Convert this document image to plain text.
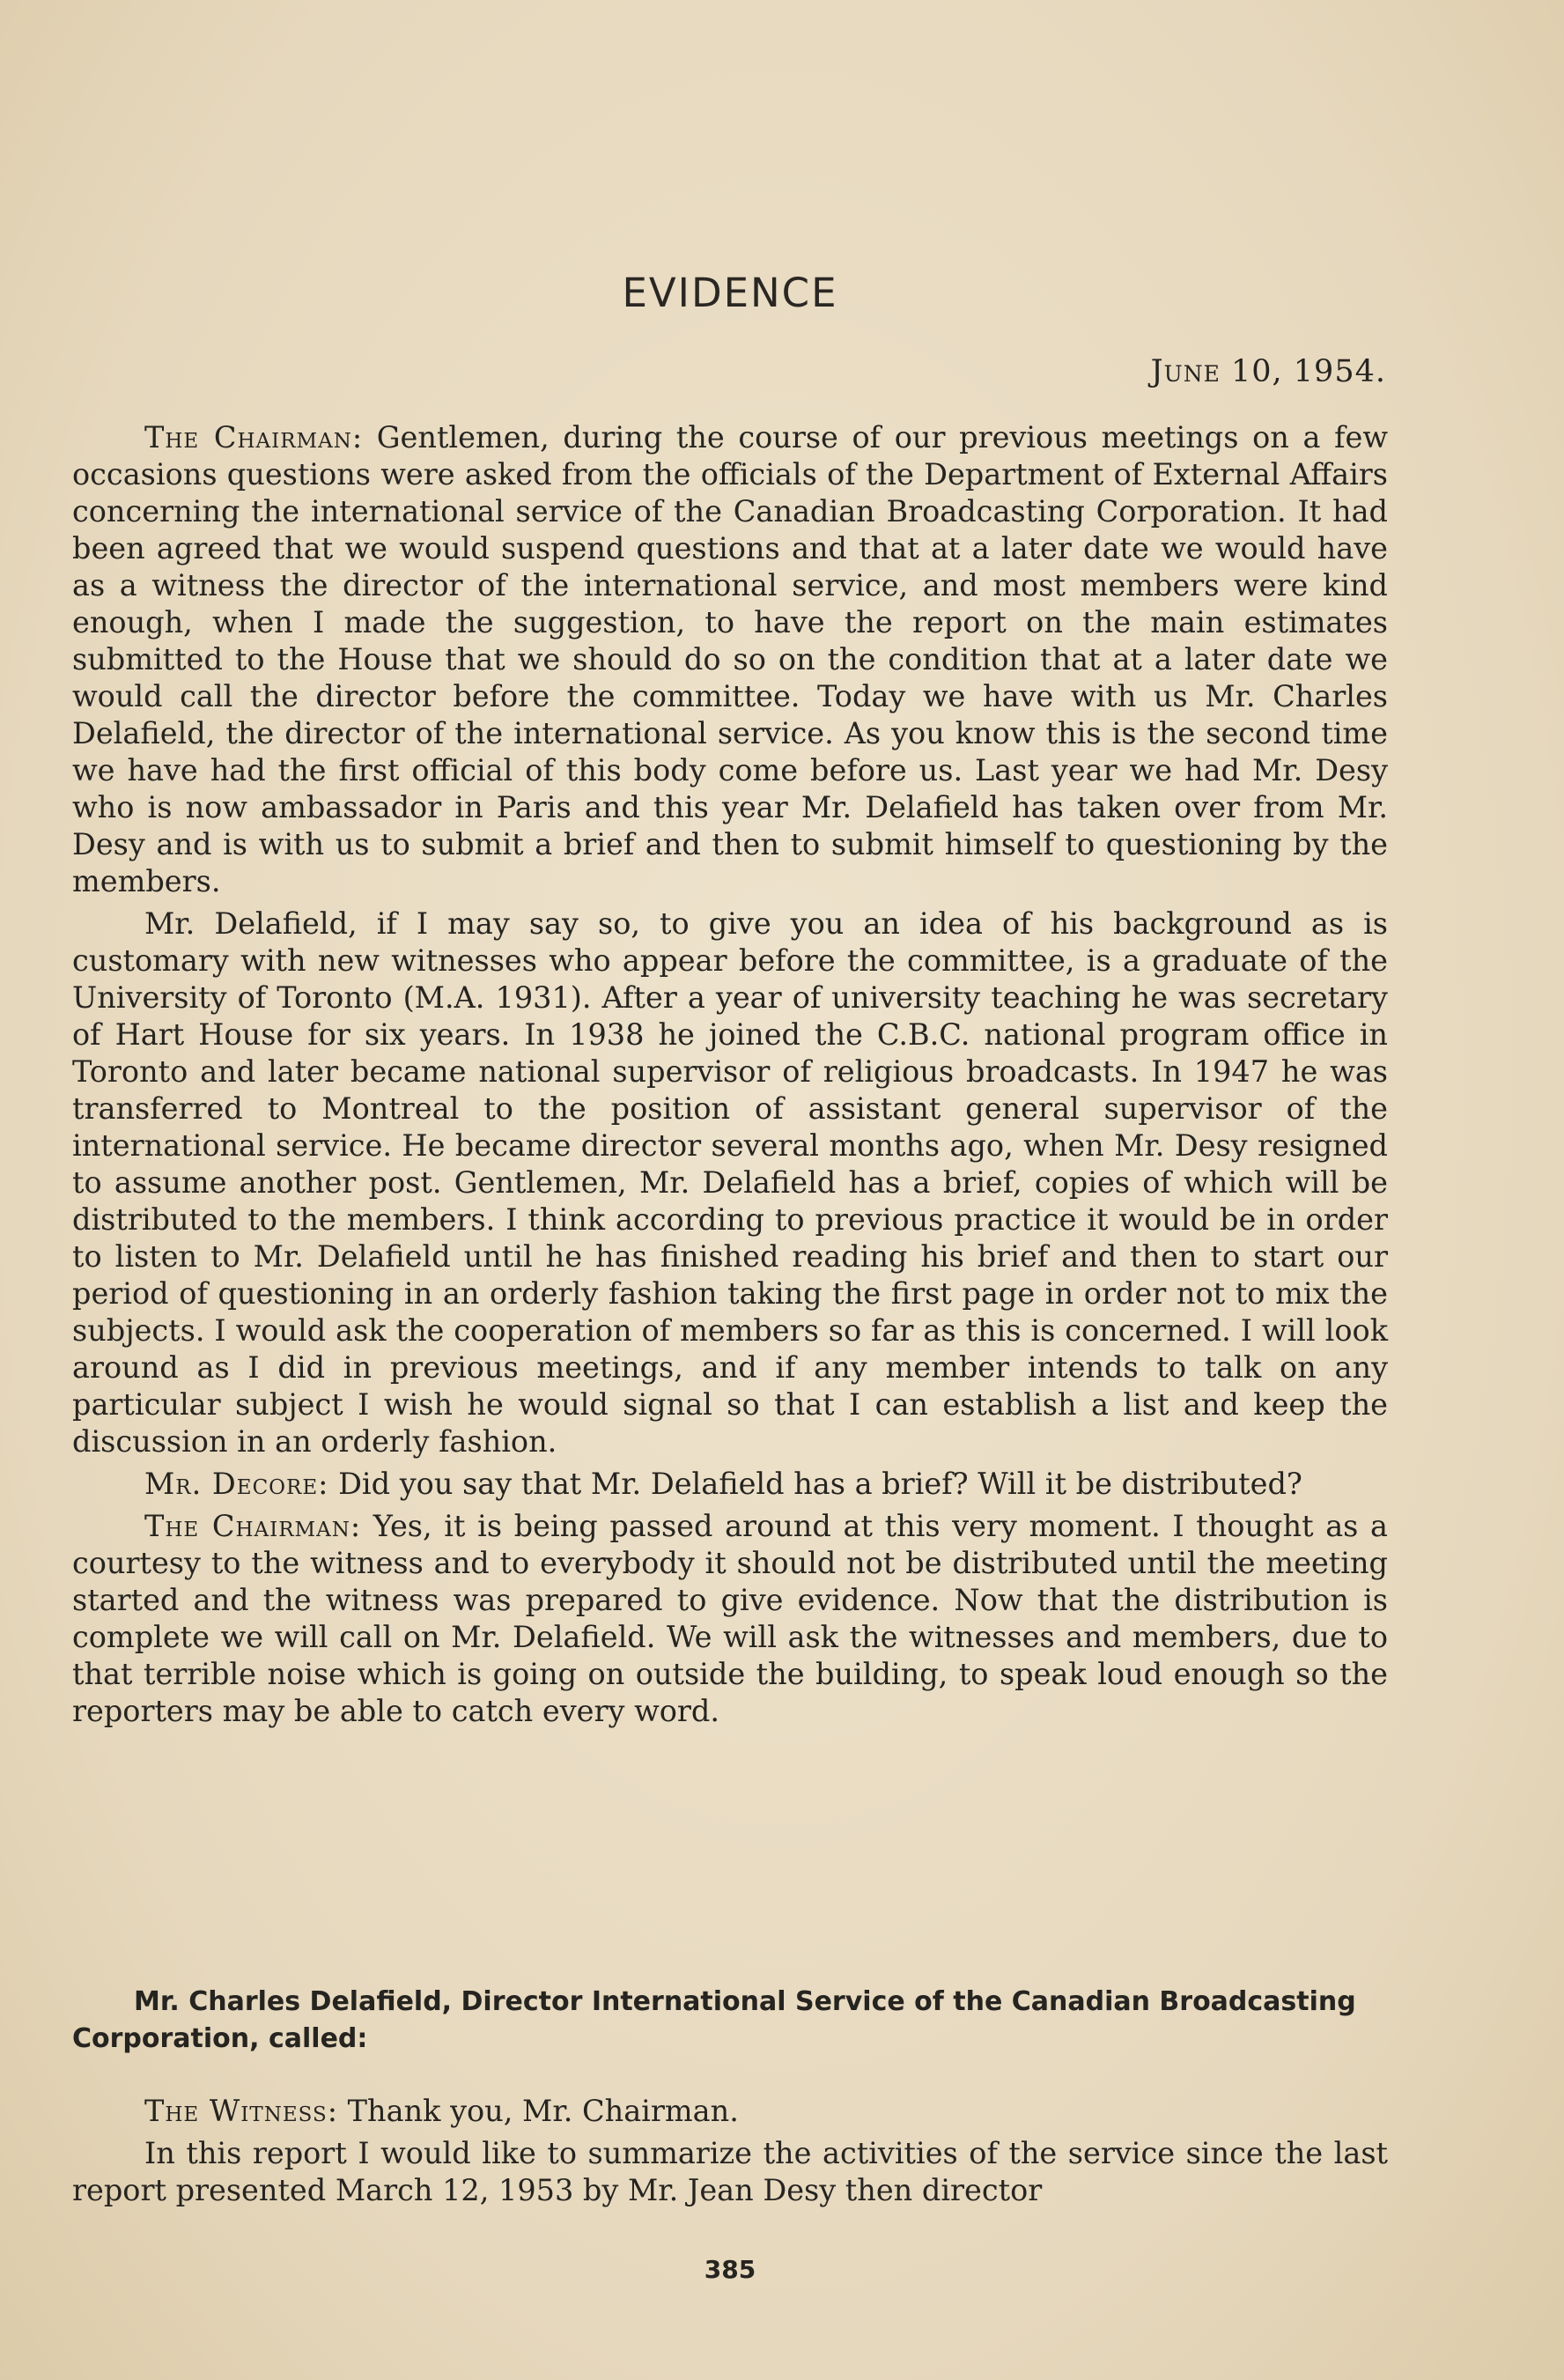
EVIDENCE
June 10, 1954.

The Chairman: Gentlemen, during the course of our previous meetings on a few occasions questions were asked from the officials of the Department of External Affairs concerning the international service of the Canadian Broadcasting Corporation. It had been agreed that we would suspend questions and that at a later date we would have as a witness the director of the international service, and most members were kind enough, when I made the suggestion, to have the report on the main estimates submitted to the House that we should do so on the condition that at a later date we would call the director before the committee. Today we have with us Mr. Charles Delafield, the director of the international service. As you know this is the second time we have had the first official of this body come before us. Last year we had Mr. Desy who is now ambassador in Paris and this year Mr. Delafield has taken over from Mr. Desy and is with us to submit a brief and then to submit himself to questioning by the members.

Mr. Delafield, if I may say so, to give you an idea of his background as is customary with new witnesses who appear before the committee, is a graduate of the University of Toronto (M.A. 1931). After a year of university teaching he was secretary of Hart House for six years. In 1938 he joined the C.B.C. national program office in Toronto and later became national supervisor of religious broadcasts. In 1947 he was transferred to Montreal to the position of assistant general supervisor of the international service. He became director several months ago, when Mr. Desy resigned to assume another post. Gentlemen, Mr. Delafield has a brief, copies of which will be distributed to the members. I think according to previous practice it would be in order to listen to Mr. Delafield until he has finished reading his brief and then to start our period of questioning in an orderly fashion taking the first page in order not to mix the subjects. I would ask the cooperation of members so far as this is concerned. I will look around as I did in previous meetings, and if any member intends to talk on any particular subject I wish he would signal so that I can establish a list and keep the discussion in an orderly fashion.

Mr. Decore: Did you say that Mr. Delafield has a brief? Will it be distributed?

The Chairman: Yes, it is being passed around at this very moment. I thought as a courtesy to the witness and to everybody it should not be distributed until the meeting started and the witness was prepared to give evidence. Now that the distribution is complete we will call on Mr. Delafield. We will ask the witnesses and members, due to that terrible noise which is going on outside the building, to speak loud enough so the reporters may be able to catch every word.

Mr. Charles Delafield, Director International Service of the Canadian Broadcasting Corporation, called:

The Witness: Thank you, Mr. Chairman.

In this report I would like to summarize the activities of the service since the last report presented March 12, 1953 by Mr. Jean Desy then director

385
